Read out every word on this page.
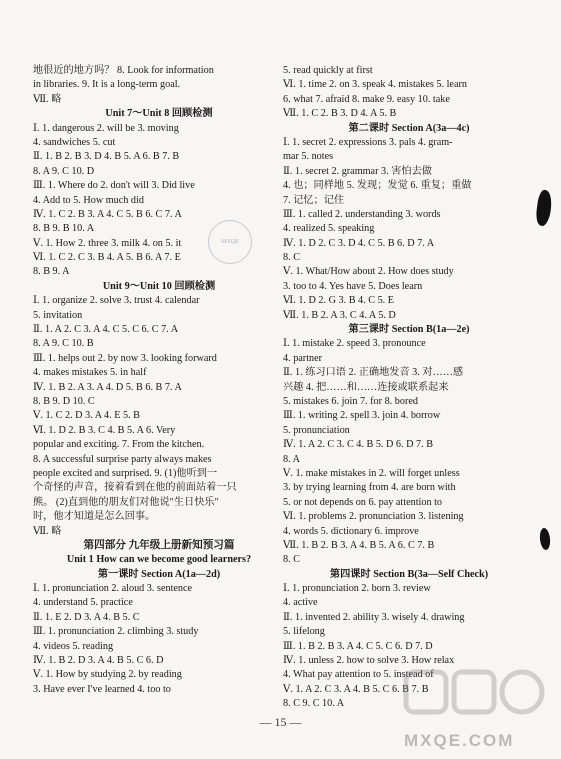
地很近的地方吗？ 8. Look for information
in libraries. 9. It is a long-term goal.
Ⅶ. 略
Unit 7～Unit 8 回顾检测
Ⅰ. 1. dangerous 2. will be 3. moving
4. sandwiches 5. cut
Ⅱ. 1. B 2. B 3. D 4. B 5. A 6. B 7. B
8. A 9. C 10. D
Ⅲ. 1. Where do 2. don't will 3. Did live
4. Add to 5. How much did
Ⅳ. 1. C 2. B 3. A 4. C 5. B 6. C 7. A
8. B 9. B 10. A
Ⅴ. 1. How 2. three 3. milk 4. on 5. it
Ⅵ. 1. C 2. C 3. B 4. A 5. B 6. A 7. E
8. B 9. A
Unit 9～Unit 10 回顾检测
Ⅰ. 1. organize 2. solve 3. trust 4. calendar
5. invitation
Ⅱ. 1. A 2. C 3. A 4. C 5. C 6. C 7. A
8. A 9. C 10. B
Ⅲ. 1. helps out 2. by now 3. looking forward
4. makes mistakes 5. in half
Ⅳ. 1. B 2. A 3. A 4. D 5. B 6. B 7. A
8. B 9. D 10. C
Ⅴ. 1. C 2. D 3. A 4. E 5. B
Ⅵ. 1. D 2. B 3. C 4. B 5. A 6. Very
popular and exciting. 7. From the kitchen.
8. A successful surprise party always makes
people excited and surprised. 9. (1)他听到一
个奇怪的声音，接着看到在他的前面站着一只
熊。 (2)直到他的朋友们对他说"生日快乐"
时，他才知道是怎么回事。
Ⅶ. 略
第四部分 九年级上册新知预习篇
Unit 1 How can we become good learners?
第一课时 Section A(1a—2d)
Ⅰ. 1. pronunciation 2. aloud 3. sentence
4. understand 5. practice
Ⅱ. 1. E 2. D 3. A 4. B 5. C
Ⅲ. 1. pronunciation 2. climbing 3. study
4. videos 5. reading
Ⅳ. 1. B 2. D 3. A 4. B 5. C 6. D
Ⅴ. 1. How by studying 2. by reading
3. Have ever I've learned 4. too to
5. read quickly at first
Ⅵ. 1. time 2. on 3. speak 4. mistakes 5. learn
6. what 7. afraid 8. make 9. easy 10. take
Ⅶ. 1. C 2. B 3. D 4. A 5. B
第二课时 Section A(3a—4c)
Ⅰ. 1. secret 2. expressions 3. pals 4. gram-
mar 5. notes
Ⅱ. 1. secret 2. grammar 3. 害怕去做
4. 也；同样地 5. 发现；发觉 6. 重复；重做
7. 记忆；记住
Ⅲ. 1. called 2. understanding 3. words
4. realized 5. speaking
Ⅳ. 1. D 2. C 3. D 4. C 5. B 6. D 7. A
8. C
Ⅴ. 1. What/How about 2. How does study
3. too to 4. Yes have 5. Does learn
Ⅵ. 1. D 2. G 3. B 4. C 5. E
Ⅶ. 1. B 2. A 3. C 4. A 5. D
第三课时 Section B(1a—2e)
Ⅰ. 1. mistake 2. speed 3. pronounce
4. partner
Ⅱ. 1. 练习口语 2. 正确地发音 3. 对……感
兴趣 4. 把……和……连接或联系起来
5. mistakes 6. join 7. for 8. bored
Ⅲ. 1. writing 2. spell 3. join 4. borrow
5. pronunciation
Ⅳ. 1. A 2. C 3. C 4. B 5. D 6. D 7. B
8. A
Ⅴ. 1. make mistakes in 2. will forget unless
3. by trying learning from 4. are born with
5. or not depends on 6. pay attention to
Ⅵ. 1. problems 2. pronunciation 3. listening
4. words 5. dictionary 6. improve
Ⅶ. 1. B 2. B 3. A 4. B 5. A 6. C 7. B
8. C
第四课时 Section B(3a—Self Check)
Ⅰ. 1. pronunciation 2. born 3. review
4. active
Ⅱ. 1. invented 2. ability 3. wisely 4. drawing
5. lifelong
Ⅲ. 1. B 2. B 3. A 4. C 5. C 6. D 7. D
Ⅳ. 1. unless 2. how to solve 3. How relax
4. What pay attention to 5. instead of
Ⅴ. 1. A 2. C 3. A 4. B 5. C 6. B 7. B
8. C 9. C 10. A
MXQE
MXQE.COM
— 15 —
